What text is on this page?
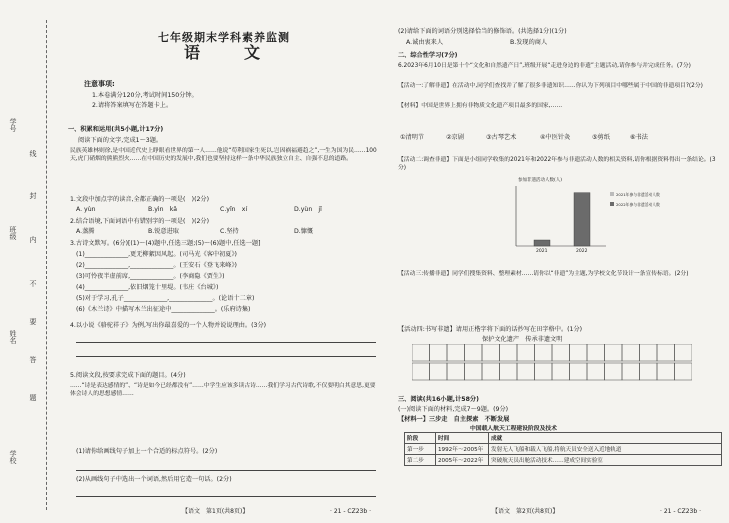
学号
线
封
内
班级
不
要
姓名
答
题
学校
七年级期末学科素养监测
语　文
注意事项:
1.本卷满分120分,考试时间150分钟。
2.请将答案填写在答题卡上。
一、积累和运用(共5小题,计17分)
阅读下面的文字,完成1～3题。
民族英雄林则徐,是中国近代史上睁眼看世界的第一人……他说“苟利国家生死以,岂因祸福避趋之”,一生为国为民……100天,虎门硝烟的熊熊烈火……在中国历史的发展中,我们也要坚持这样一条中华民族独立自主、自强不息的道路。
1.文段中加点字的读音,全都正确的一项是(　)(2分)
A. yùn	B.yìn　kǎ	C.yǐn　xí	D.yùn　jǐ
2.结合语境,下面词语中有错别字的一项是(　)(2分)
A.蒸腾	B.锐意进取	C.坚持	D.慷慨
3.古诗文默写。(6分)[(1)～(4)题中,任选三题;(5)～(6)题中,任选一题]
(1)______________,更无柳絮因风起。(司马光《客中初夏》)
(2)______________,______________。(王安石《登飞来峰》)
(3)可怜夜半虚前席,______________。(李商隐《贾生》)
(4)______________,依旧烟笼十里堤。(韦庄《台城》)
(5)对于学习,孔子______________,______________。(论语十二章)
(6)《木兰诗》中描写木兰出征途中______________。(乐府诗集)
4.以小说《骆驼祥子》为例,写出你最喜爱的一个人物并说说理由。(3分)
5.阅读文段,按要求完成下面的题目。(4分)
……“诗是表达感情的”、“诗是如今已经都没有”……中学生应该多读古诗……我们学习古代诗歌,不仅要明白其意思,更要体会诗人的思想感情……
(1)请你给画线句子加上一个合适的标点符号。(2分)
(2)从画线句子中选出一个词语,然后用它造一句话。(2分)
【语文　第1页(共8页)】	· 21 - CZ23b ·
(2)请给下面的词语分别选择恰当的修饰语。(共选择1分)(1分)
A.诚由衷来人	B.发现的商人
二、综合性学习(7分)
6.2023年6月10日是第十个“文化和自然遗产日”,班级开展“走进身边的非遗”主题活动,请你参与并完成任务。(7分)
【活动一:了解非遗】在活动中,同学们查找并了解了很多非遗知识……你认为下列项目中哪些属于中国的非遗项目?(2分)
【材料】中国是世界上拥有非物质文化遗产项目最多的国家,……
①清明节	②京剧	③古琴艺术	④中医针灸	⑤剪纸	⑥书法
【活动二:调查非遗】下面是小组同学收集的2021年和2022年参与非遗活动人数的相关资料,请你根据资料得出一条结论。(3分)
【活动三:传播非遗】同学们搜集资料、整理素材……请你以“非遗”为主题,为学校文化节设计一条宣传标语。(2分)
【活动四:书写非遗】请用正楷字将下面的话抄写在田字格中。(1分)
保护文化遗产　传承非遗文明
三、阅读(共16小题,计58分)
(一)阅读下面的材料,完成7～9题。(9分)
【材料一】三步走　自主探索　不断发展
【语文　第2页(共8页)】	· 21 - CZ23b ·
参加非遗活动人数(人)
2021	2022
2021年参与非遗活动人数
2022年参与非遗活动人数
中国载人航天工程建设阶段及技术
阶段	时间	成就
第一步	1992年～2005年	发射无人飞船和载人飞船,将航天员安全送入近地轨道
第二步	2005年～2022年	突破航天员出舱活动技术……建成空间实验室
